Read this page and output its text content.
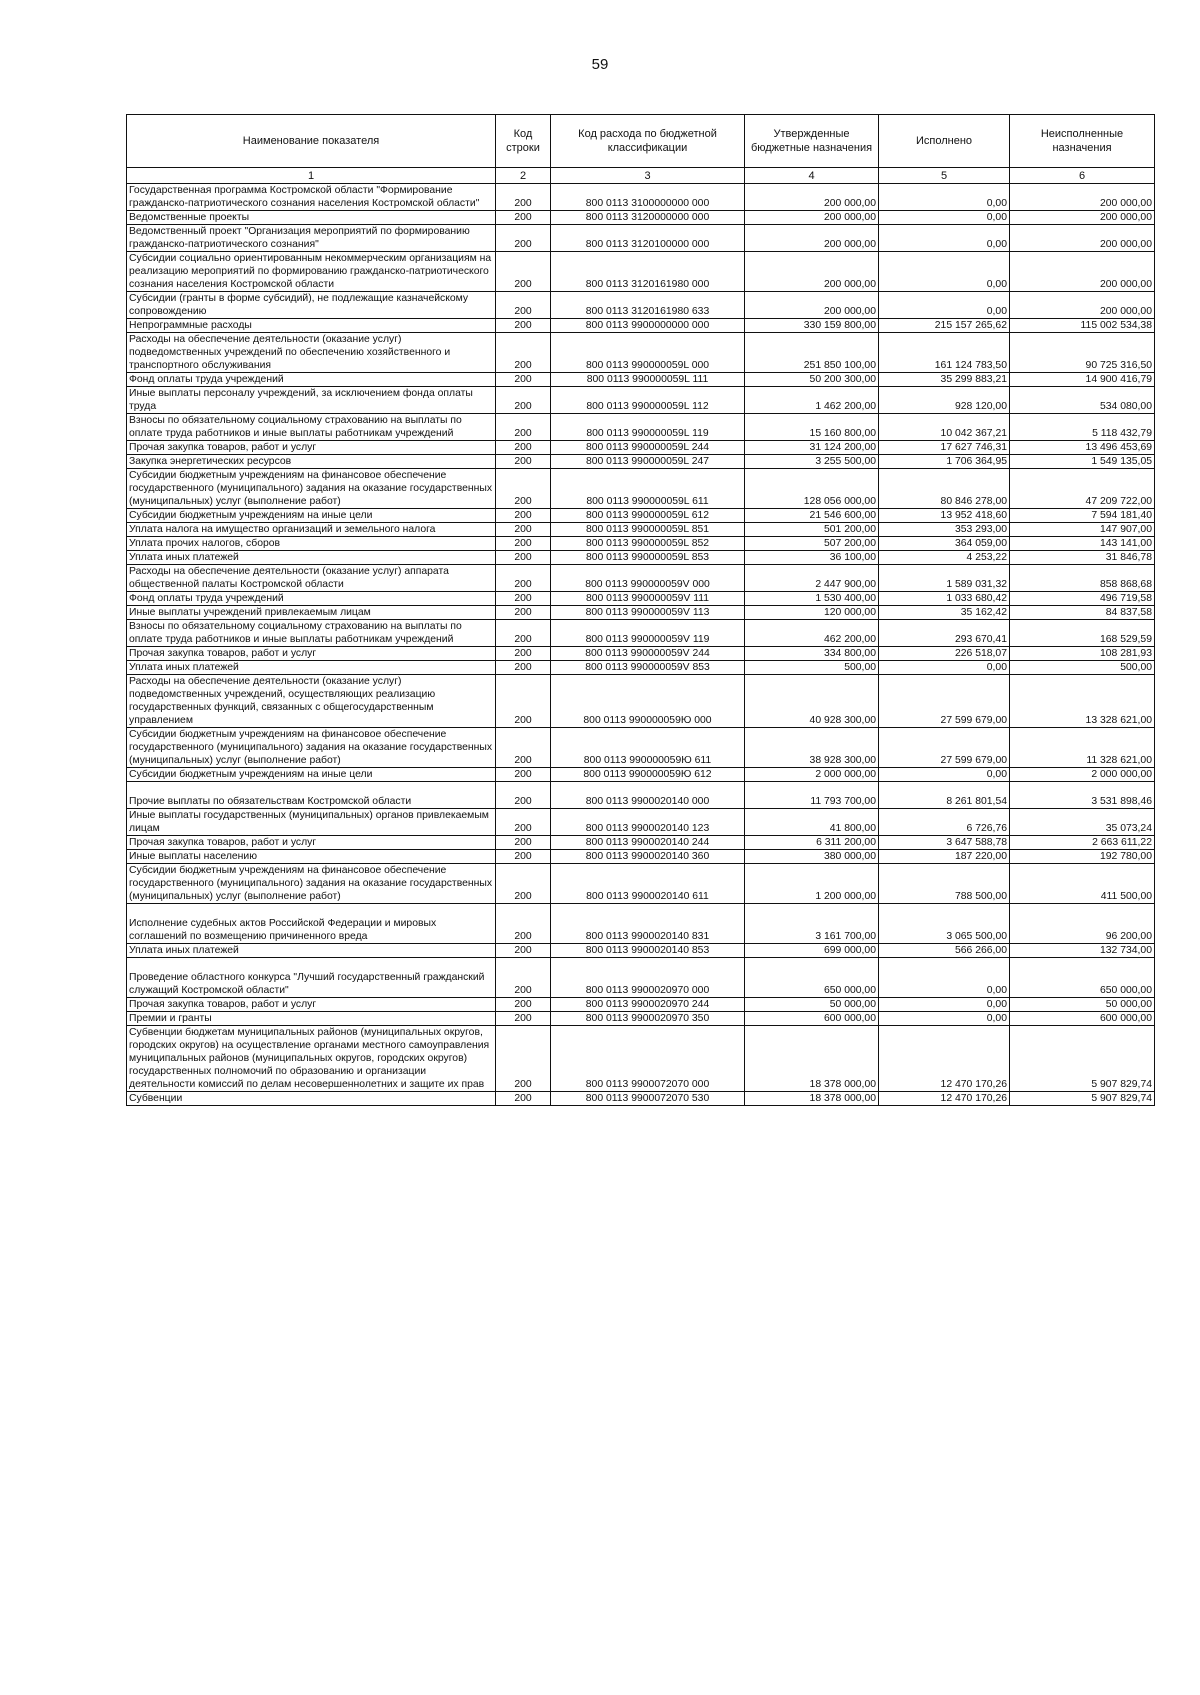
59
Наименование показателя	Код строки	Код расхода по бюджетной классификации	Утвержденные бюджетные назначения	Исполнено	Неисполненные назначения
1	2	3	4	5	6
Государственная программа Костромской области "Формирование гражданско-патриотического сознания населения Костромской области"	200	800 0113 3100000000 000	200 000,00	0,00	200 000,00
Ведомственные проекты	200	800 0113 3120000000 000	200 000,00	0,00	200 000,00
Ведомственный проект "Организация мероприятий по формированию гражданско-патриотического сознания"	200	800 0113 3120100000 000	200 000,00	0,00	200 000,00
Субсидии социально ориентированным некоммерческим организациям на реализацию мероприятий по формированию гражданско-патриотического сознания населения Костромской области	200	800 0113 3120161980 000	200 000,00	0,00	200 000,00
Субсидии (гранты в форме субсидий), не подлежащие казначейскому сопровождению	200	800 0113 3120161980 633	200 000,00	0,00	200 000,00
Непрограммные расходы	200	800 0113 9900000000 000	330 159 800,00	215 157 265,62	115 002 534,38
Расходы на обеспечение деятельности (оказание услуг) подведомственных учреждений по обеспечению хозяйственного и транспортного обслуживания	200	800 0113 990000059L 000	251 850 100,00	161 124 783,50	90 725 316,50
Фонд оплаты труда учреждений	200	800 0113 990000059L 111	50 200 300,00	35 299 883,21	14 900 416,79
Иные выплаты персоналу учреждений, за исключением фонда оплаты труда	200	800 0113 990000059L 112	1 462 200,00	928 120,00	534 080,00
Взносы по обязательному социальному страхованию на выплаты по оплате труда работников и иные выплаты работникам учреждений	200	800 0113 990000059L 119	15 160 800,00	10 042 367,21	5 118 432,79
Прочая закупка товаров, работ и услуг	200	800 0113 990000059L 244	31 124 200,00	17 627 746,31	13 496 453,69
Закупка энергетических ресурсов	200	800 0113 990000059L 247	3 255 500,00	1 706 364,95	1 549 135,05
Субсидии бюджетным учреждениям на финансовое обеспечение государственного (муниципального) задания на оказание государственных (муниципальных) услуг (выполнение работ)	200	800 0113 990000059L 611	128 056 000,00	80 846 278,00	47 209 722,00
Субсидии бюджетным учреждениям на иные цели	200	800 0113 990000059L 612	21 546 600,00	13 952 418,60	7 594 181,40
Уплата налога на имущество организаций и земельного налога	200	800 0113 990000059L 851	501 200,00	353 293,00	147 907,00
Уплата прочих налогов, сборов	200	800 0113 990000059L 852	507 200,00	364 059,00	143 141,00
Уплата иных платежей	200	800 0113 990000059L 853	36 100,00	4 253,22	31 846,78
Расходы на обеспечение деятельности (оказание услуг) аппарата общественной палаты Костромской области	200	800 0113 990000059V 000	2 447 900,00	1 589 031,32	858 868,68
Фонд оплаты труда учреждений	200	800 0113 990000059V 111	1 530 400,00	1 033 680,42	496 719,58
Иные выплаты учреждений привлекаемым лицам	200	800 0113 990000059V 113	120 000,00	35 162,42	84 837,58
Взносы по обязательному социальному страхованию на выплаты по оплате труда работников и иные выплаты работникам учреждений	200	800 0113 990000059V 119	462 200,00	293 670,41	168 529,59
Прочая закупка товаров, работ и услуг	200	800 0113 990000059V 244	334 800,00	226 518,07	108 281,93
Уплата иных платежей	200	800 0113 990000059V 853	500,00	0,00	500,00
Расходы на обеспечение деятельности (оказание услуг) подведомственных учреждений, осуществляющих реализацию государственных функций, связанных с общегосударственным управлением	200	800 0113 990000059Ю 000	40 928 300,00	27 599 679,00	13 328 621,00
Субсидии бюджетным учреждениям на финансовое обеспечение государственного (муниципального) задания на оказание государственных (муниципальных) услуг (выполнение работ)	200	800 0113 990000059Ю 611	38 928 300,00	27 599 679,00	11 328 621,00
Субсидии бюджетным учреждениям на иные цели	200	800 0113 990000059Ю 612	2 000 000,00	0,00	2 000 000,00
Прочие выплаты по обязательствам Костромской области	200	800 0113 9900020140 000	11 793 700,00	8 261 801,54	3 531 898,46
Иные выплаты государственных (муниципальных) органов привлекаемым лицам	200	800 0113 9900020140 123	41 800,00	6 726,76	35 073,24
Прочая закупка товаров, работ и услуг	200	800 0113 9900020140 244	6 311 200,00	3 647 588,78	2 663 611,22
Иные выплаты населению	200	800 0113 9900020140 360	380 000,00	187 220,00	192 780,00
Субсидии бюджетным учреждениям на финансовое обеспечение государственного (муниципального) задания на оказание государственных (муниципальных) услуг (выполнение работ)	200	800 0113 9900020140 611	1 200 000,00	788 500,00	411 500,00
Исполнение судебных актов Российской Федерации и мировых соглашений по возмещению причиненного вреда	200	800 0113 9900020140 831	3 161 700,00	3 065 500,00	96 200,00
Уплата иных платежей	200	800 0113 9900020140 853	699 000,00	566 266,00	132 734,00
Проведение областного конкурса "Лучший государственный гражданский служащий Костромской области"	200	800 0113 9900020970 000	650 000,00	0,00	650 000,00
Прочая закупка товаров, работ и услуг	200	800 0113 9900020970 244	50 000,00	0,00	50 000,00
Премии и гранты	200	800 0113 9900020970 350	600 000,00	0,00	600 000,00
Субвенции бюджетам муниципальных районов (муниципальных округов, городских округов) на осуществление органами местного самоуправления муниципальных районов (муниципальных округов, городских округов) государственных полномочий по образованию и организации деятельности комиссий по делам несовершеннолетних и защите их прав	200	800 0113 9900072070 000	18 378 000,00	12 470 170,26	5 907 829,74
Субвенции	200	800 0113 9900072070 530	18 378 000,00	12 470 170,26	5 907 829,74
